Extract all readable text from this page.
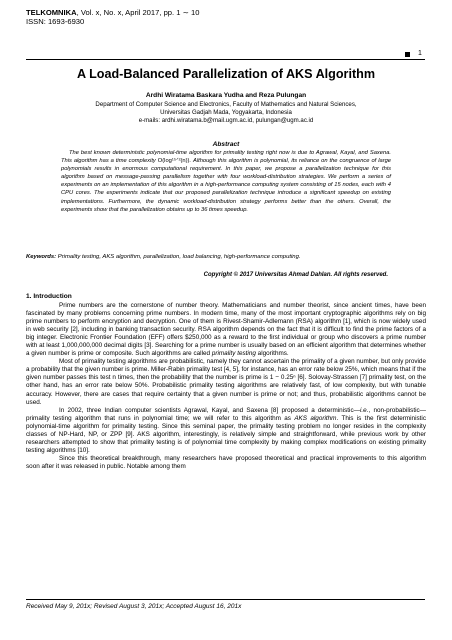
TELKOMNIKA, Vol. x, No. x, April 2017, pp. 1 ∼ 10
ISSN: 1693-6930
1
A Load-Balanced Parallelization of AKS Algorithm
Ardhi Wiratama Baskara Yudha and Reza Pulungan
Department of Computer Science and Electronics, Faculty of Mathematics and Natural Sciences,
Universitas Gadjah Mada, Yogyakarta, Indonesia
e-mails: ardhi.wiratama.b@mail.ugm.ac.id, pulungan@ugm.ac.id
Abstract

The best known deterministic polynomial-time algorithm for primality testing right now is due to Agrawal, Kayal, and Saxena. This algorithm has a time complexity O(log¹⁵ᐟ²(n)). Although this algorithm is polynomial, its reliance on the congruence of large polynomials results in enormous computational requirement. In this paper, we propose a parallelization technique for this algorithm based on message-passing parallelism together with four workload-distribution strategies. We perform a series of experiments on an implementation of this algorithm in a high-performance computing system consisting of 15 nodes, each with 4 CPU cores. The experiments indicate that our proposed parallelization technique introduce a significant speedup on existing implementations. Furthermore, the dynamic workload-distribution strategy performs better than the others. Overall, the experiments show that the parallelization obtains up to 36 times speedup.

Keywords: Primality testing, AKS algorithm, parallelization, load balancing, high-performance computing.
Copyright © 2017 Universitas Ahmad Dahlan. All rights reserved.
1. Introduction

Prime numbers are the cornerstone of number theory. Mathematicians and number theorist, since ancient times, have been fascinated by many problems concerning prime numbers. In modern time, many of the most important cryptographic algorithms rely on big prime numbers to perform encryption and decryption. One of them is Rivest-Shamir-Adlemann (RSA) algorithm [1], which is now widely used in web security [2], including in banking transaction security. RSA algorithm depends on the fact that it is difficult to find the prime factors of a big integer. Electronic Frontier Foundation (EFF) offers $250,000 as a reward to the first individual or group who discovers a prime number with at least 1,000,000,000 decimal digits [3]. Searching for a prime number is usually based on an efficient algorithm that determines whether a given number is prime or composite. Such algorithms are called primality testing algorithms.

Most of primality testing algorithms are probabilistic, namely they cannot ascertain the primality of a given number, but only provide a probability that the given number is prime. Miller-Rabin primality test [4, 5], for instance, has an error rate below 25%, which means that if the given number passes this test n times, then the probability that the number is prime is 1 − 0.25ⁿ [6]. Solovay-Strassen [7] primality test, on the other hand, has an error rate below 50%. Probabilistic primality testing algorithms are relatively fast, of low complexity, but with tunable accuracy. However, there are cases that require certainty that a given number is prime or not; and thus, probabilistic algorithms cannot be used.

In 2002, three Indian computer scientists Agrawal, Kayal, and Saxena [8] proposed a deterministic—i.e., non-probabilistic—primality testing algorithm that runs in polynomial time; we will refer to this algorithm as AKS algorithm. This is the first deterministic polynomial-time algorithm for primality testing. Since this seminal paper, the primality testing problem no longer resides in the complexity classes of NP-Hard, NP, or ZPP [9]. AKS algorithm, interestingly, is relatively simple and straightforward, while previous work by other researchers attempted to show that primality testing is of polynomial time complexity by making complex modifications on existing primality testing algorithms [10].

Since this theoretical breakthrough, many researchers have proposed theoretical and practical improvements to this algorithm soon after it was released in public. Notable among them

Received May 9, 201x; Revised August 3, 201x; Accepted August 16, 201x
